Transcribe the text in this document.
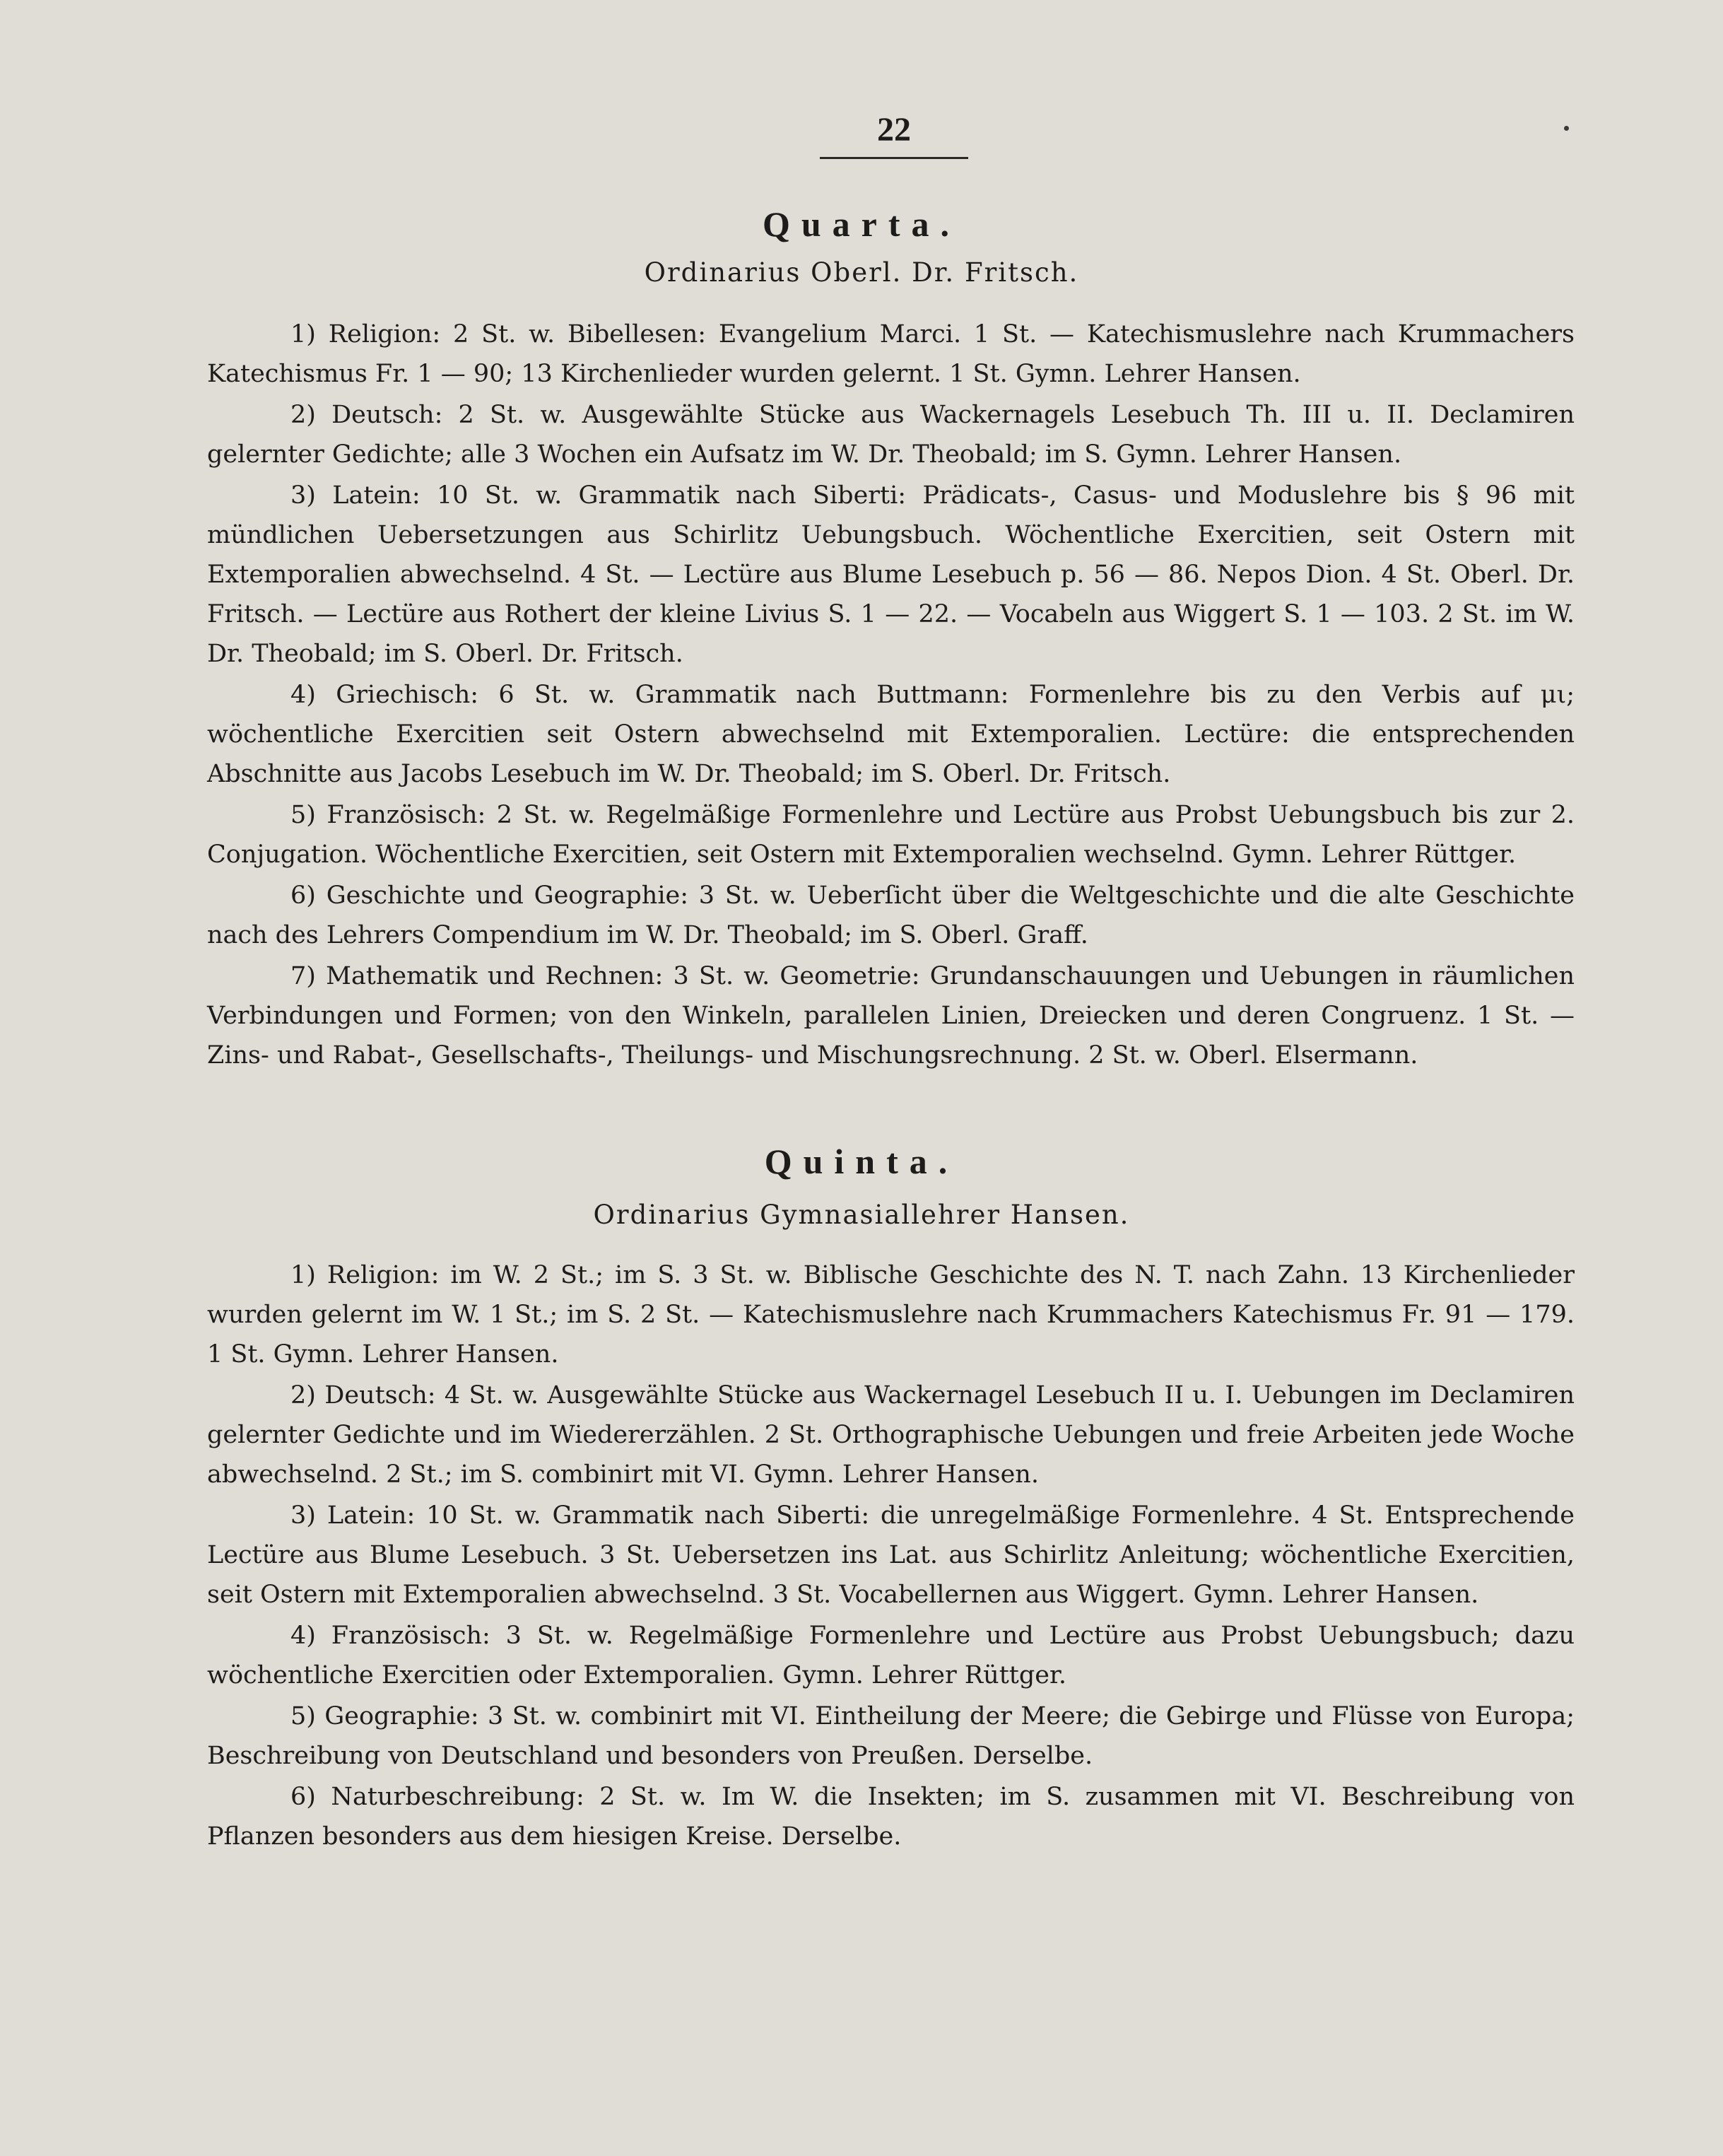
22
Quarta.
Ordinarius Oberl. Dr. Fritsch.

1) Religion: 2 St. w. Bibellesen: Evangelium Marci. 1 St. — Katechismuslehre nach Krummachers Katechismus Fr. 1 — 90; 13 Kirchenlieder wurden gelernt. 1 St. Gymn. Lehrer Hansen.

2) Deutsch: 2 St. w. Ausgewählte Stücke aus Wackernagels Lesebuch Th. III u. II. Declamiren gelernter Gedichte; alle 3 Wochen ein Aufsatz im W. Dr. Theobald; im S. Gymn. Lehrer Hansen.

3) Latein: 10 St. w. Grammatik nach Siberti: Prädicats-, Casus- und Moduslehre bis § 96 mit mündlichen Uebersetzungen aus Schirlitz Uebungsbuch. Wöchentliche Exercitien, seit Ostern mit Extemporalien abwechselnd. 4 St. — Lectüre aus Blume Lesebuch p. 56 — 86. Nepos Dion. 4 St. Oberl. Dr. Fritsch. — Lectüre aus Rothert der kleine Livius S. 1 — 22. — Vocabeln aus Wiggert S. 1 — 103. 2 St. im W. Dr. Theobald; im S. Oberl. Dr. Fritsch.

4) Griechisch: 6 St. w. Grammatik nach Buttmann: Formenlehre bis zu den Verbis auf μι; wöchentliche Exercitien seit Ostern abwechselnd mit Extemporalien. Lectüre: die entsprechenden Abschnitte aus Jacobs Lesebuch im W. Dr. Theobald; im S. Oberl. Dr. Fritsch.

5) Französisch: 2 St. w. Regelmäßige Formenlehre und Lectüre aus Probst Uebungsbuch bis zur 2. Conjugation. Wöchentliche Exercitien, seit Ostern mit Extemporalien wechselnd. Gymn. Lehrer Rüttger.

6) Geschichte und Geographie: 3 St. w. Ueberſicht über die Weltgeschichte und die alte Geschichte nach des Lehrers Compendium im W. Dr. Theobald; im S. Oberl. Graff.

7) Mathematik und Rechnen: 3 St. w. Geometrie: Grundanschauungen und Uebungen in räumlichen Verbindungen und Formen; von den Winkeln, parallelen Linien, Dreiecken und deren Congruenz. 1 St. — Zins- und Rabat-, Gesellschafts-, Theilungs- und Mischungsrechnung. 2 St. w. Oberl. Elsermann.

Quinta.
Ordinarius Gymnasiallehrer Hansen.

1) Religion: im W. 2 St.; im S. 3 St. w. Biblische Geschichte des N. T. nach Zahn. 13 Kirchenlieder wurden gelernt im W. 1 St.; im S. 2 St. — Katechismuslehre nach Krummachers Katechismus Fr. 91 — 179. 1 St. Gymn. Lehrer Hansen.

2) Deutsch: 4 St. w. Ausgewählte Stücke aus Wackernagel Lesebuch II u. I. Uebungen im Declamiren gelernter Gedichte und im Wiedererzählen. 2 St. Orthographische Uebungen und freie Arbeiten jede Woche abwechselnd. 2 St.; im S. combinirt mit VI. Gymn. Lehrer Hansen.

3) Latein: 10 St. w. Grammatik nach Siberti: die unregelmäßige Formenlehre. 4 St. Entsprechende Lectüre aus Blume Lesebuch. 3 St. Uebersetzen ins Lat. aus Schirlitz Anleitung; wöchentliche Exercitien, seit Ostern mit Extemporalien abwechselnd. 3 St. Vocabellernen aus Wiggert. Gymn. Lehrer Hansen.

4) Französisch: 3 St. w. Regelmäßige Formenlehre und Lectüre aus Probst Uebungsbuch; dazu wöchentliche Exercitien oder Extemporalien. Gymn. Lehrer Rüttger.

5) Geographie: 3 St. w. combinirt mit VI. Eintheilung der Meere; die Gebirge und Flüsse von Europa; Beschreibung von Deutschland und besonders von Preußen. Derselbe.

6) Naturbeschreibung: 2 St. w. Im W. die Insekten; im S. zusammen mit VI. Beschreibung von Pflanzen besonders aus dem hiesigen Kreise. Derselbe.
